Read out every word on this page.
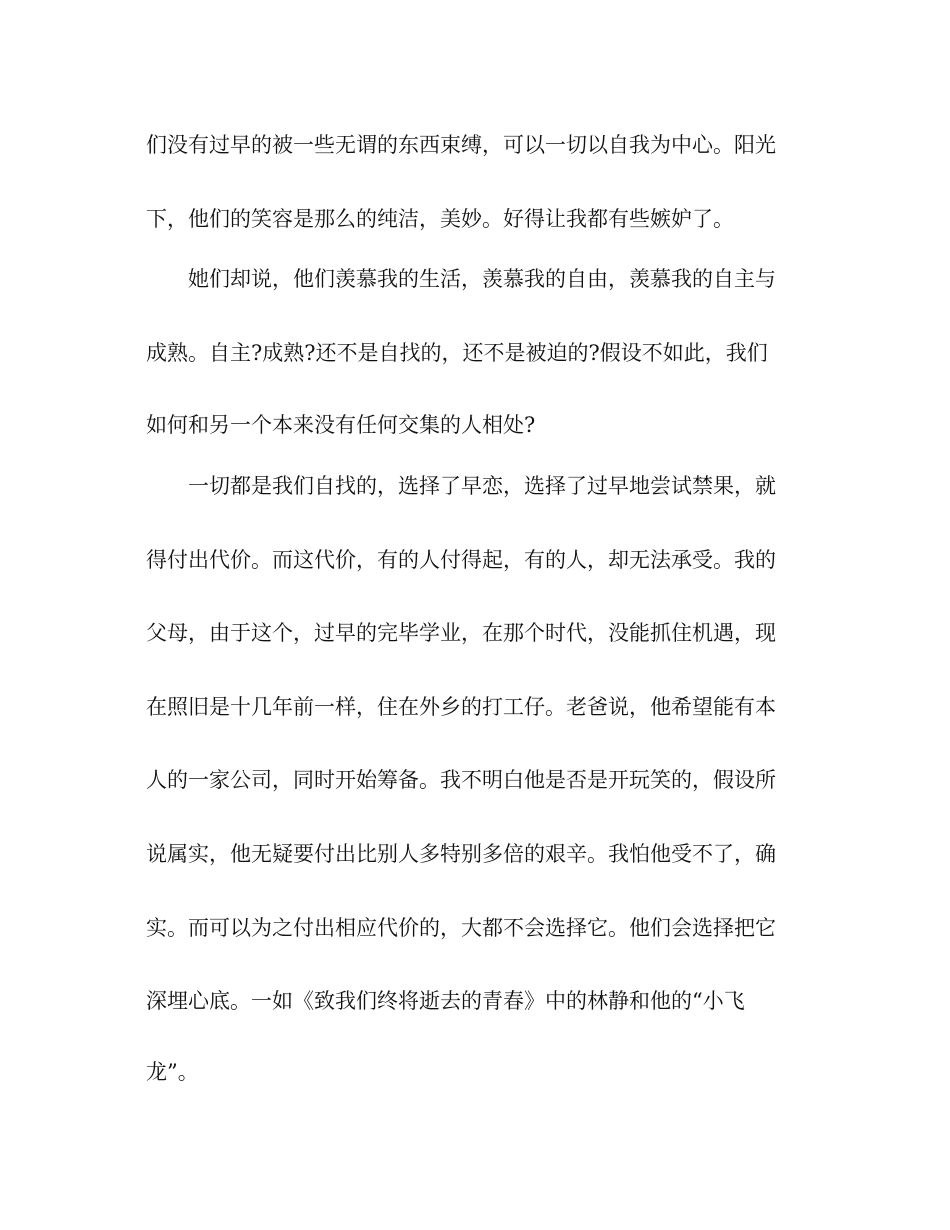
们没有过早的被一些无谓的东西束缚，可以一切以自我为中心。阳光
下，他们的笑容是那么的纯洁，美妙。好得让我都有些嫉妒了。
她们却说，他们羡慕我的生活，羡慕我的自由，羡慕我的自主与
成熟。自主?成熟?还不是自找的，还不是被迫的?假设不如此，我们
如何和另一个本来没有任何交集的人相处?
一切都是我们自找的，选择了早恋，选择了过早地尝试禁果，就
得付出代价。而这代价，有的人付得起，有的人，却无法承受。我的
父母，由于这个，过早的完毕学业，在那个时代，没能抓住机遇，现
在照旧是十几年前一样，住在外乡的打工仔。老爸说，他希望能有本
人的一家公司，同时开始筹备。我不明白他是否是开玩笑的，假设所
说属实，他无疑要付出比别人多特别多倍的艰辛。我怕他受不了，确
实。而可以为之付出相应代价的，大都不会选择它。他们会选择把它
深埋心底。一如《致我们终将逝去的青春》中的林静和他的“小飞
龙”。
